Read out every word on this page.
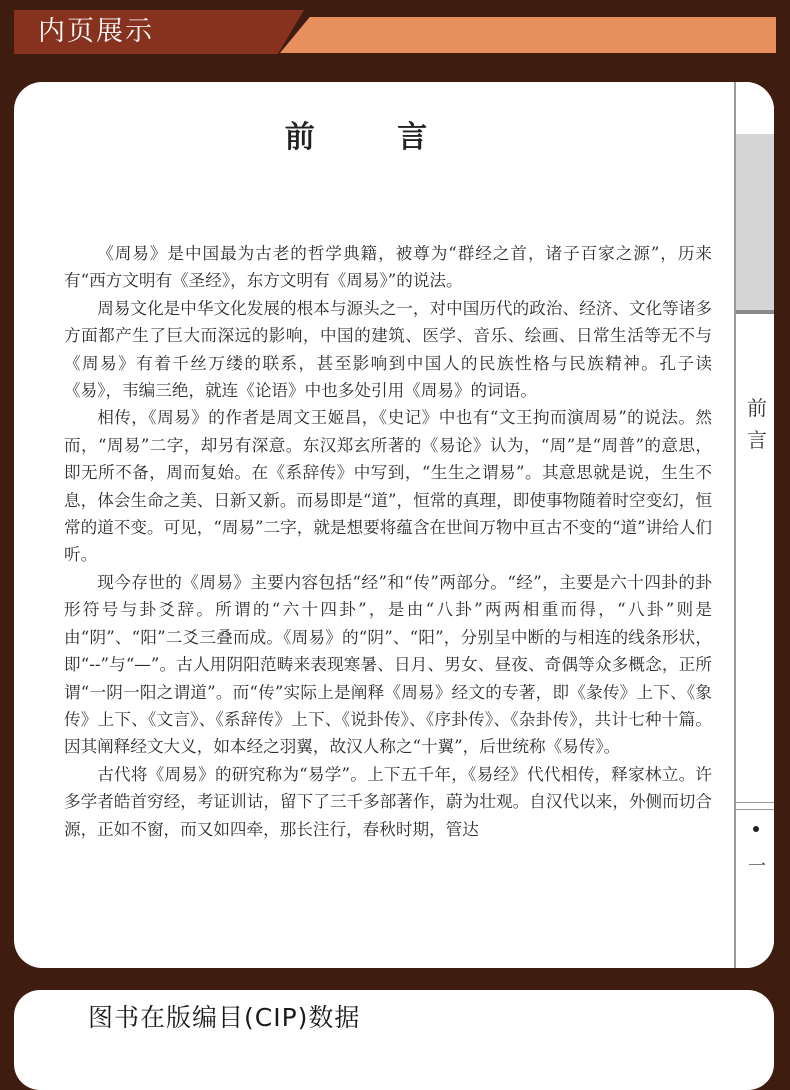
内页展示
前 言

《周易》是中国最为古老的哲学典籍，被尊为“群经之首，诸子百家之源”，历来有“西方文明有《圣经》，东方文明有《周易》”的说法。

周易文化是中华文化发展的根本与源头之一，对中国历代的政治、经济、文化等诸多方面都产生了巨大而深远的影响，中国的建筑、医学、音乐、绘画、日常生活等无不与《周易》有着千丝万缕的联系，甚至影响到中国人的民族性格与民族精神。孔子读《易》，韦编三绝，就连《论语》中也多处引用《周易》的词语。

相传，《周易》的作者是周文王姬昌，《史记》中也有“文王拘而演周易”的说法。然而，“周易”二字，却另有深意。东汉郑玄所著的《易论》认为，“周”是“周普”的意思，即无所不备，周而复始。在《系辞传》中写到，“生生之谓易”。其意思就是说，生生不息，体会生命之美、日新又新。而易即是“道”，恒常的真理，即使事物随着时空变幻，恒常的道不变。可见，“周易”二字，就是想要将蕴含在世间万物中亘古不变的“道”讲给人们听。

现今存世的《周易》主要内容包括“经”和“传”两部分。“经”，主要是六十四卦的卦形符号与卦爻辞。所谓的“六十四卦”，是由“八卦”两两相重而得，“八卦”则是由“阴”、“阳”二爻三叠而成。《周易》的“阴”、“阳”，分别呈中断的与相连的线条形状，即“--”与“—”。古人用阴阳范畴来表现寒暑、日月、男女、昼夜、奇偶等众多概念，正所谓“一阴一阳之谓道”。而“传”实际上是阐释《周易》经文的专著，即《彖传》上下、《象传》上下、《文言》、《系辞传》上下、《说卦传》、《序卦传》、《杂卦传》，共计七种十篇。因其阐释经文大义，如本经之羽翼，故汉人称之“十翼”，后世统称《易传》。

古代将《周易》的研究称为“易学”。上下五千年，《易经》代代相传，释家林立。许多学者皓首穷经，考证训诂，留下了三千多部著作，蔚为壮观。自汉代以来，外侧而切合源，正如不窗，而又如四牵，那长注行，春秋时期，管达

前言
一
图书在版编目(CIP)数据
